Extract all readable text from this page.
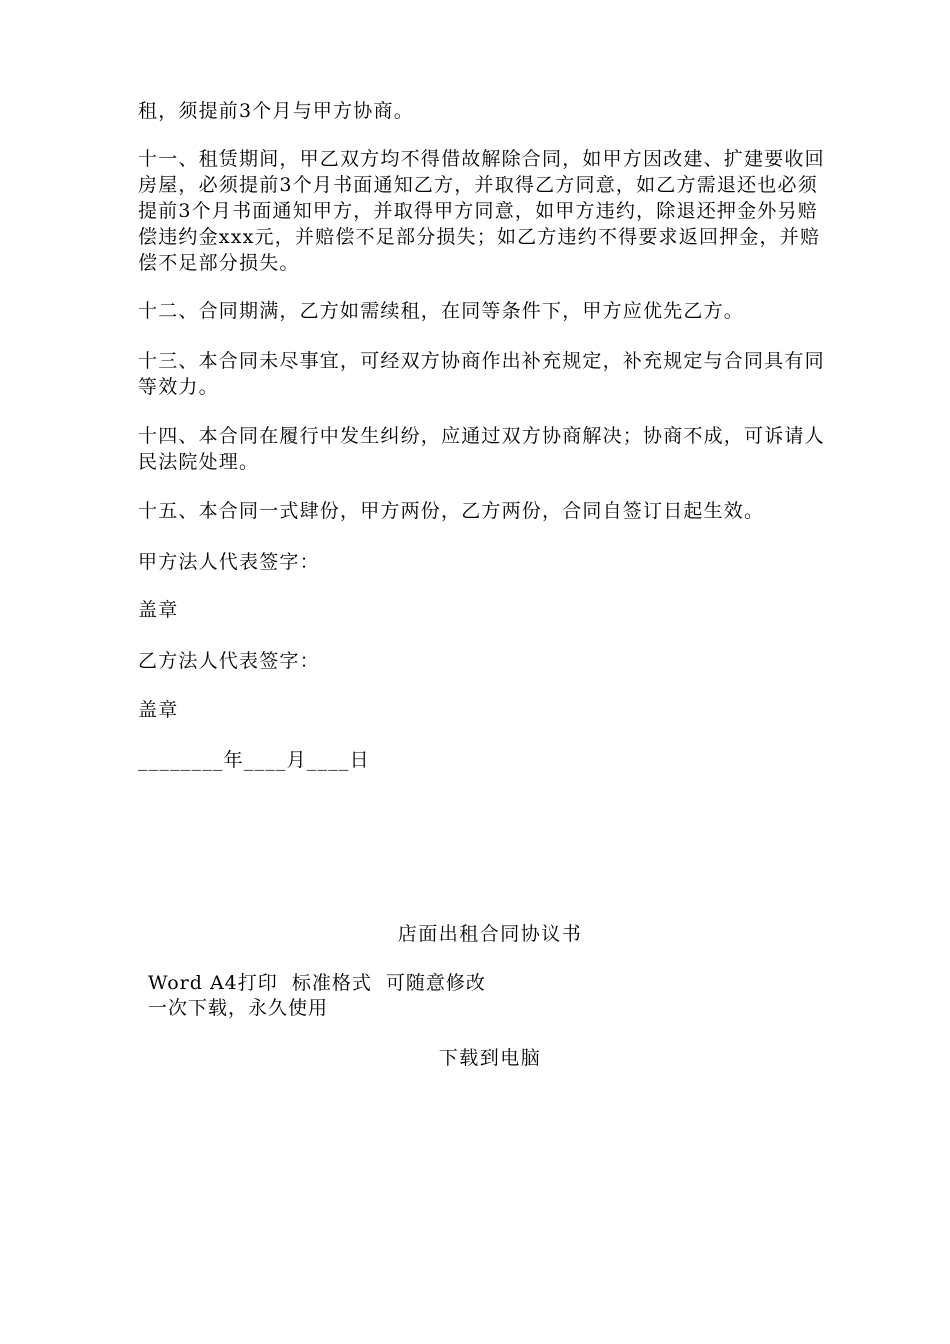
租，须提前3个月与甲方协商。

十一、租赁期间，甲乙双方均不得借故解除合同，如甲方因改建、扩建要收回房屋，必须提前3个月书面通知乙方，并取得乙方同意，如乙方需退还也必须提前3个月书面通知甲方，并取得甲方同意，如甲方违约，除退还押金外另赔偿违约金xxx元，并赔偿不足部分损失；如乙方违约不得要求返回押金，并赔偿不足部分损失。

十二、合同期满，乙方如需续租，在同等条件下，甲方应优先乙方。

十三、本合同未尽事宜，可经双方协商作出补充规定，补充规定与合同具有同等效力。

十四、本合同在履行中发生纠纷，应通过双方协商解决；协商不成，可诉请人民法院处理。

十五、本合同一式肆份，甲方两份，乙方两份，合同自签订日起生效。

甲方法人代表签字：

盖章

乙方法人代表签字：

盖章

________年____月____日

店面出租合同协议书
Word A4打印  标准格式  可随意修改
一次下载，永久使用
下载到电脑
